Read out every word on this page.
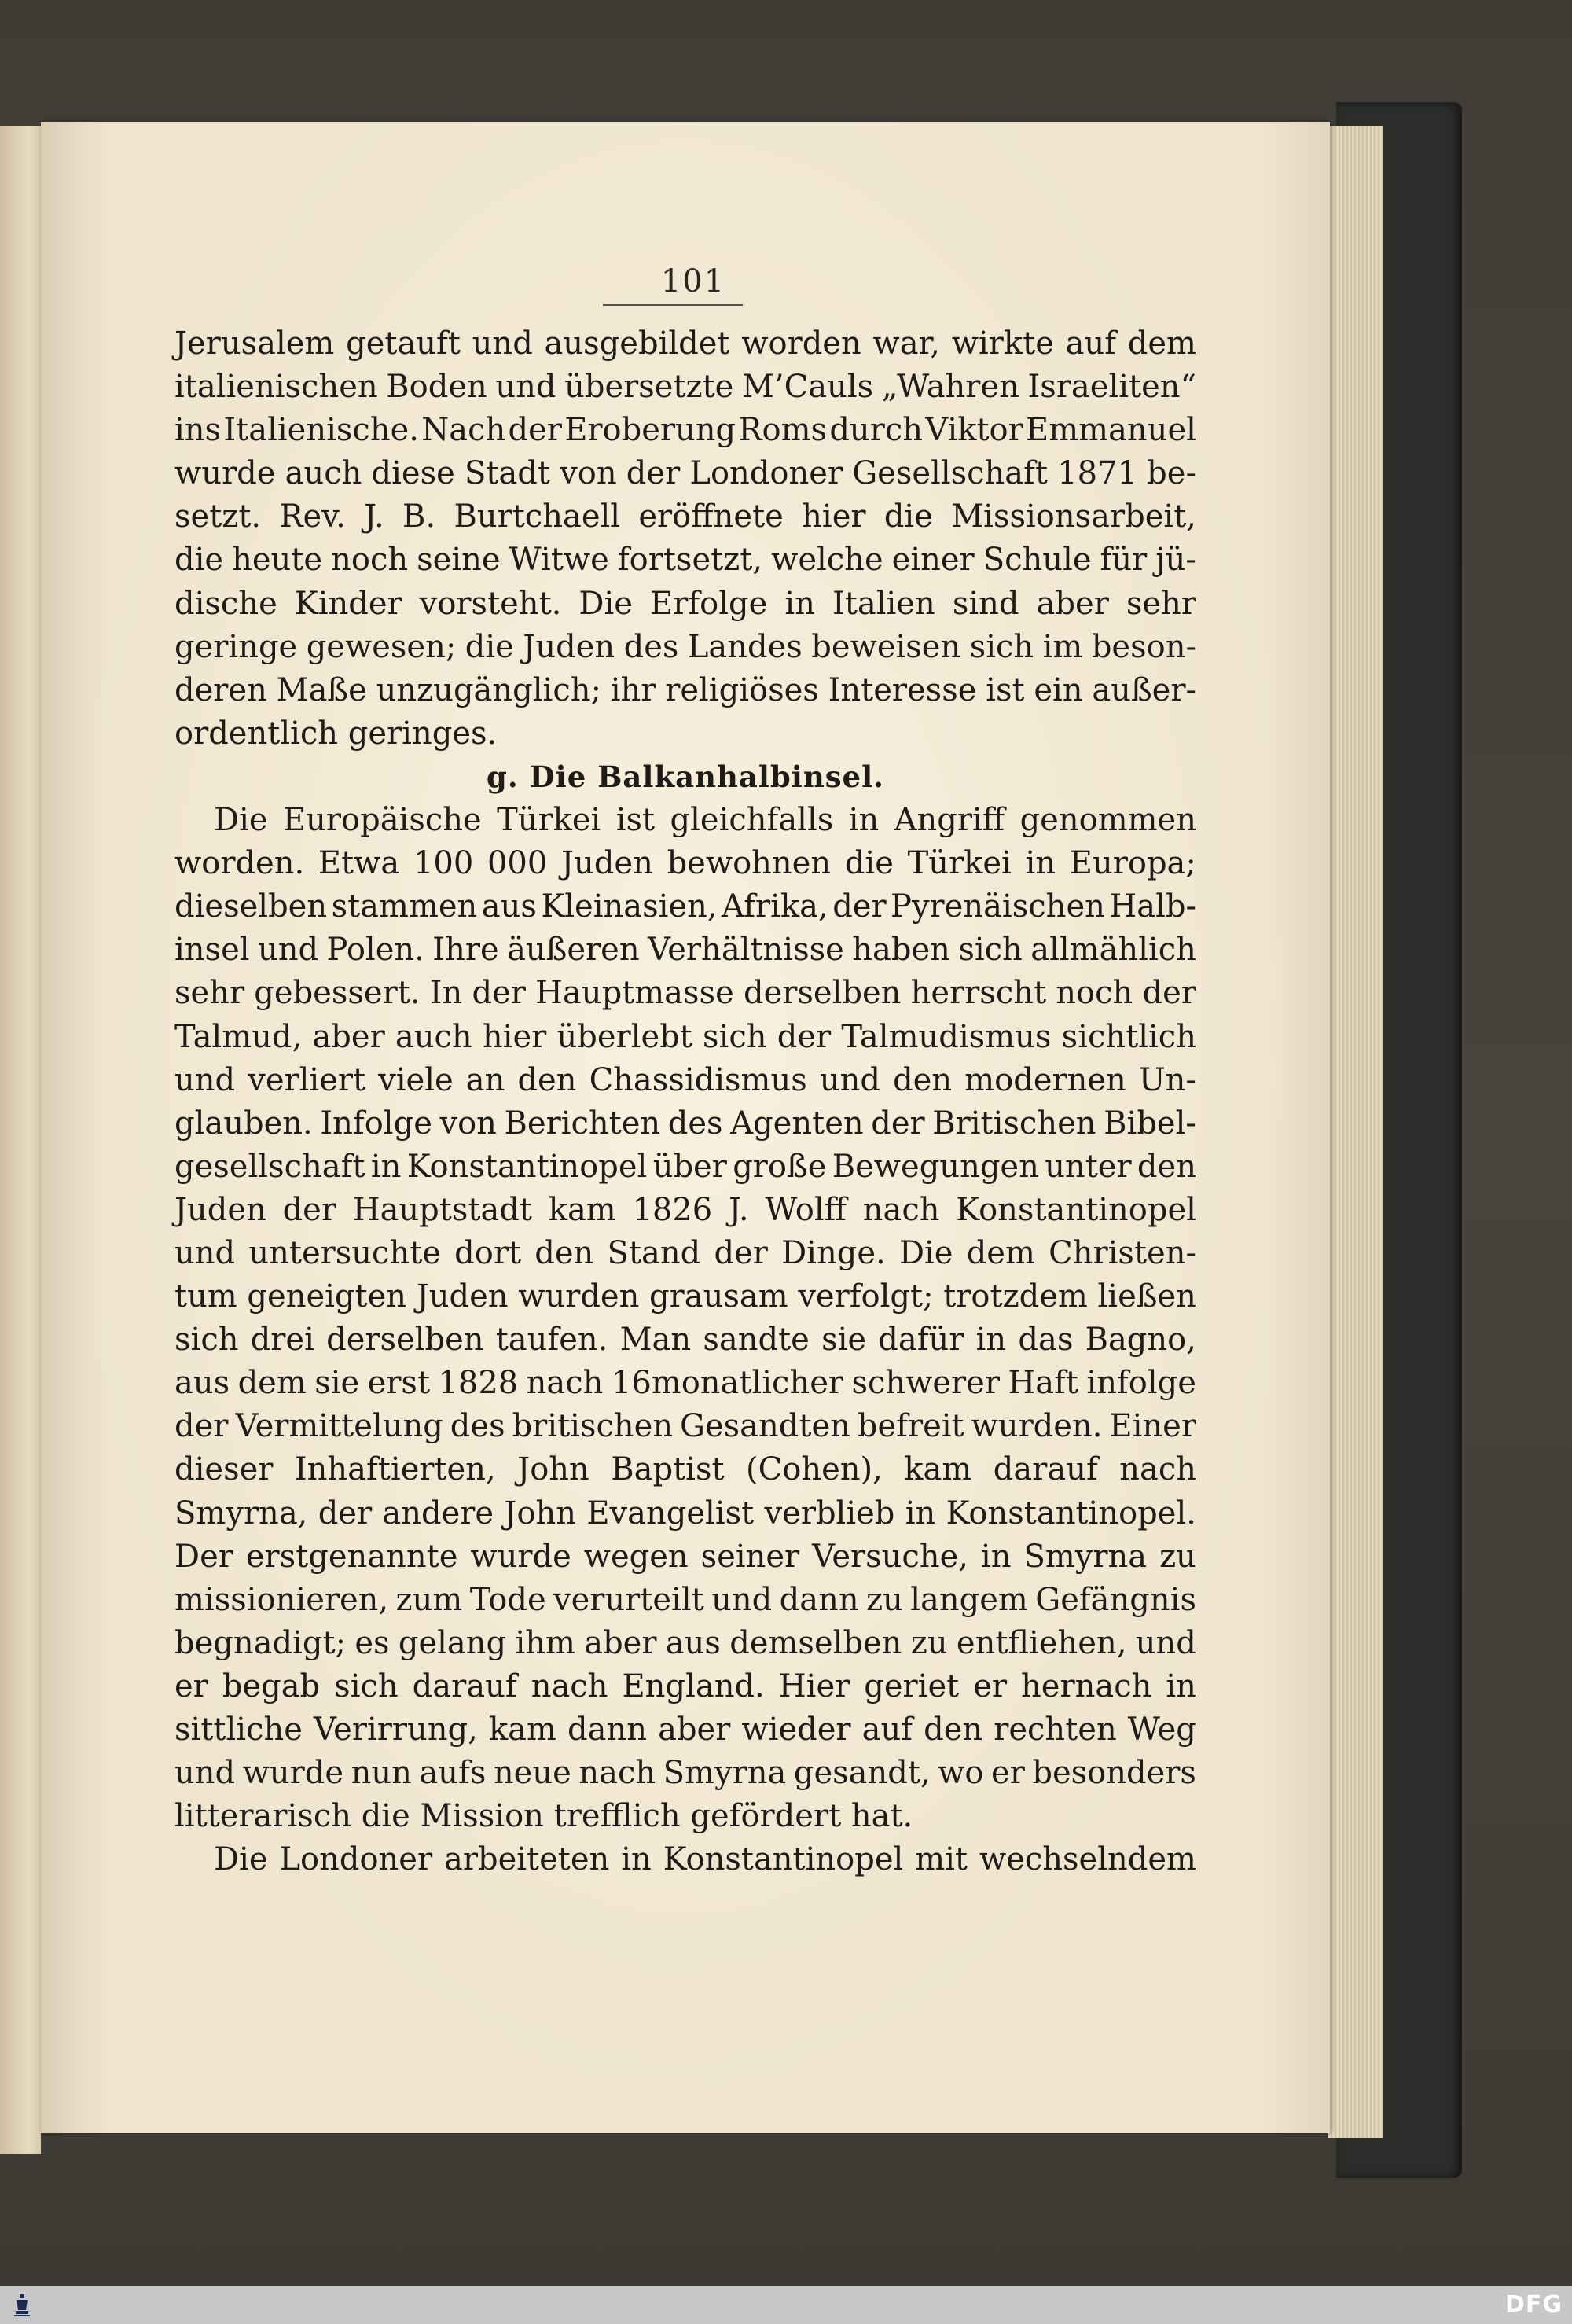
101
Jerusalem getauft und ausgebildet worden war, wirkte auf dem
italienischen Boden und übersetzte M’Cauls „Wahren Israeliten“
ins Italienische. Nach der Eroberung Roms durch Viktor Emmanuel
wurde auch diese Stadt von der Londoner Gesellschaft 1871 be-
setzt. Rev. J. B. Burtchaell eröffnete hier die Missionsarbeit,
die heute noch seine Witwe fortsetzt, welche einer Schule für jü-
dische Kinder vorsteht. Die Erfolge in Italien sind aber sehr
geringe gewesen; die Juden des Landes beweisen sich im beson-
deren Maße unzugänglich; ihr religiöses Interesse ist ein außer-
ordentlich geringes.
g. Die Balkanhalbinsel.
Die Europäische Türkei ist gleichfalls in Angriff genommen
worden. Etwa 100 000 Juden bewohnen die Türkei in Europa;
dieselben stammen aus Kleinasien, Afrika, der Pyrenäischen Halb-
insel und Polen. Ihre äußeren Verhältnisse haben sich allmählich
sehr gebessert. In der Hauptmasse derselben herrscht noch der
Talmud, aber auch hier überlebt sich der Talmudismus sichtlich
und verliert viele an den Chassidismus und den modernen Un-
glauben. Infolge von Berichten des Agenten der Britischen Bibel-
gesellschaft in Konstantinopel über große Bewegungen unter den
Juden der Hauptstadt kam 1826 J. Wolff nach Konstantinopel
und untersuchte dort den Stand der Dinge. Die dem Christen-
tum geneigten Juden wurden grausam verfolgt; trotzdem ließen
sich drei derselben taufen. Man sandte sie dafür in das Bagno,
aus dem sie erst 1828 nach 16monatlicher schwerer Haft infolge
der Vermittelung des britischen Gesandten befreit wurden. Einer
dieser Inhaftierten, John Baptist (Cohen), kam darauf nach
Smyrna, der andere John Evangelist verblieb in Konstantinopel.
Der erstgenannte wurde wegen seiner Versuche, in Smyrna zu
missionieren, zum Tode verurteilt und dann zu langem Gefängnis
begnadigt; es gelang ihm aber aus demselben zu entfliehen, und
er begab sich darauf nach England. Hier geriet er hernach in
sittliche Verirrung, kam dann aber wieder auf den rechten Weg
und wurde nun aufs neue nach Smyrna gesandt, wo er besonders
litterarisch die Mission trefflich gefördert hat.
Die Londoner arbeiteten in Konstantinopel mit wechselndem
DFG
